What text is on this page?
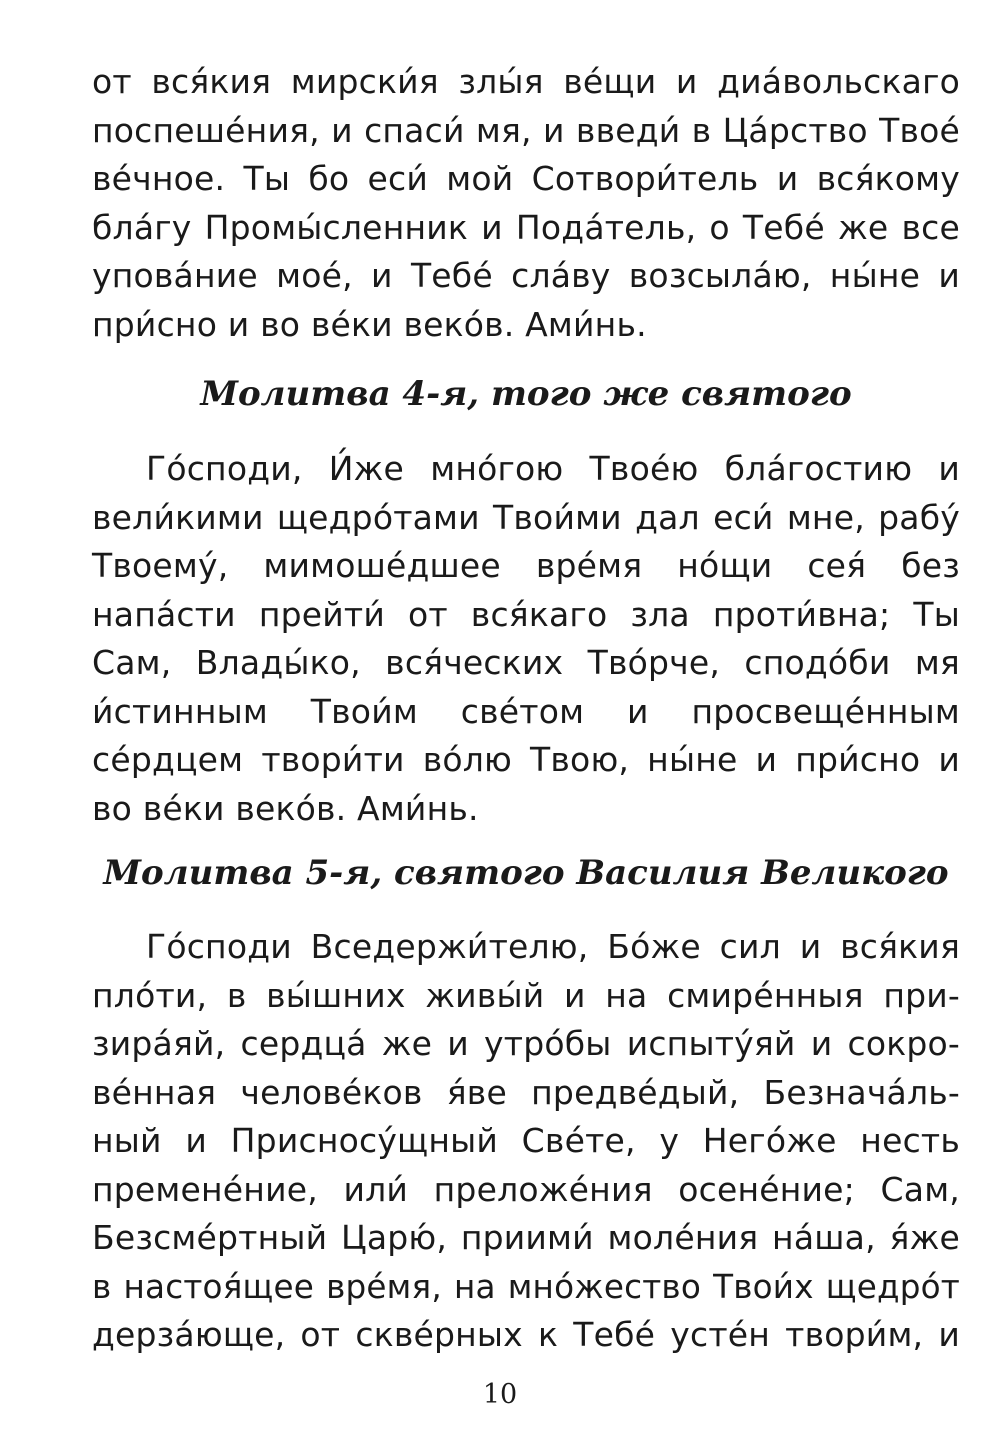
от вся́кия мирски́я злы́я ве́щи и диа́вольскаго
поспеше́ния, и спаси́ мя, и введи́ в Ца́рство Твое́
ве́чное. Ты бо еси́ мой Сотвори́тель и вся́кому
бла́гу Промы́сленник и Пода́тель, о Тебе́ же все
упова́ние мое́, и Тебе́ сла́ву возсыла́ю, ны́не и
при́сно и во ве́ки веко́в. Ами́нь.
Молитва 4-я, того же святого
Го́споди, И́же мно́гою Твое́ю бла́гостию и
вели́кими щедро́тами Твои́ми дал еси́ мне, рабу́
Твоему́, мимоше́дшее вре́мя но́щи сея́ без
напа́сти прейти́ от вся́каго зла проти́вна; Ты
Сам, Влады́ко, вся́ческих Тво́рче, сподо́би мя
и́стинным Твои́м све́том и просвеще́нным
се́рдцем твори́ти во́лю Твою, ны́не и при́сно и
во ве́ки веко́в. Ами́нь.
Молитва 5-я, святого Василия Великого
Го́споди Вседержи́телю, Бо́же сил и вся́кия
пло́ти, в вы́шних живы́й и на смире́нныя при-
зира́яй, сердца́ же и утро́бы испыту́яй и сокро-
ве́нная челове́ков я́ве предве́дый, Безнача́ль-
ный и Присносу́щный Све́те, у Него́же несть
премене́ние, или́ преложе́ния осене́ние; Сам,
Безсме́ртный Царю́, приими́ моле́ния на́ша, я́же
в настоя́щее вре́мя, на мно́жество Твои́х щедро́т
дерза́юще, от скве́рных к Тебе́ усте́н твори́м, и
10
